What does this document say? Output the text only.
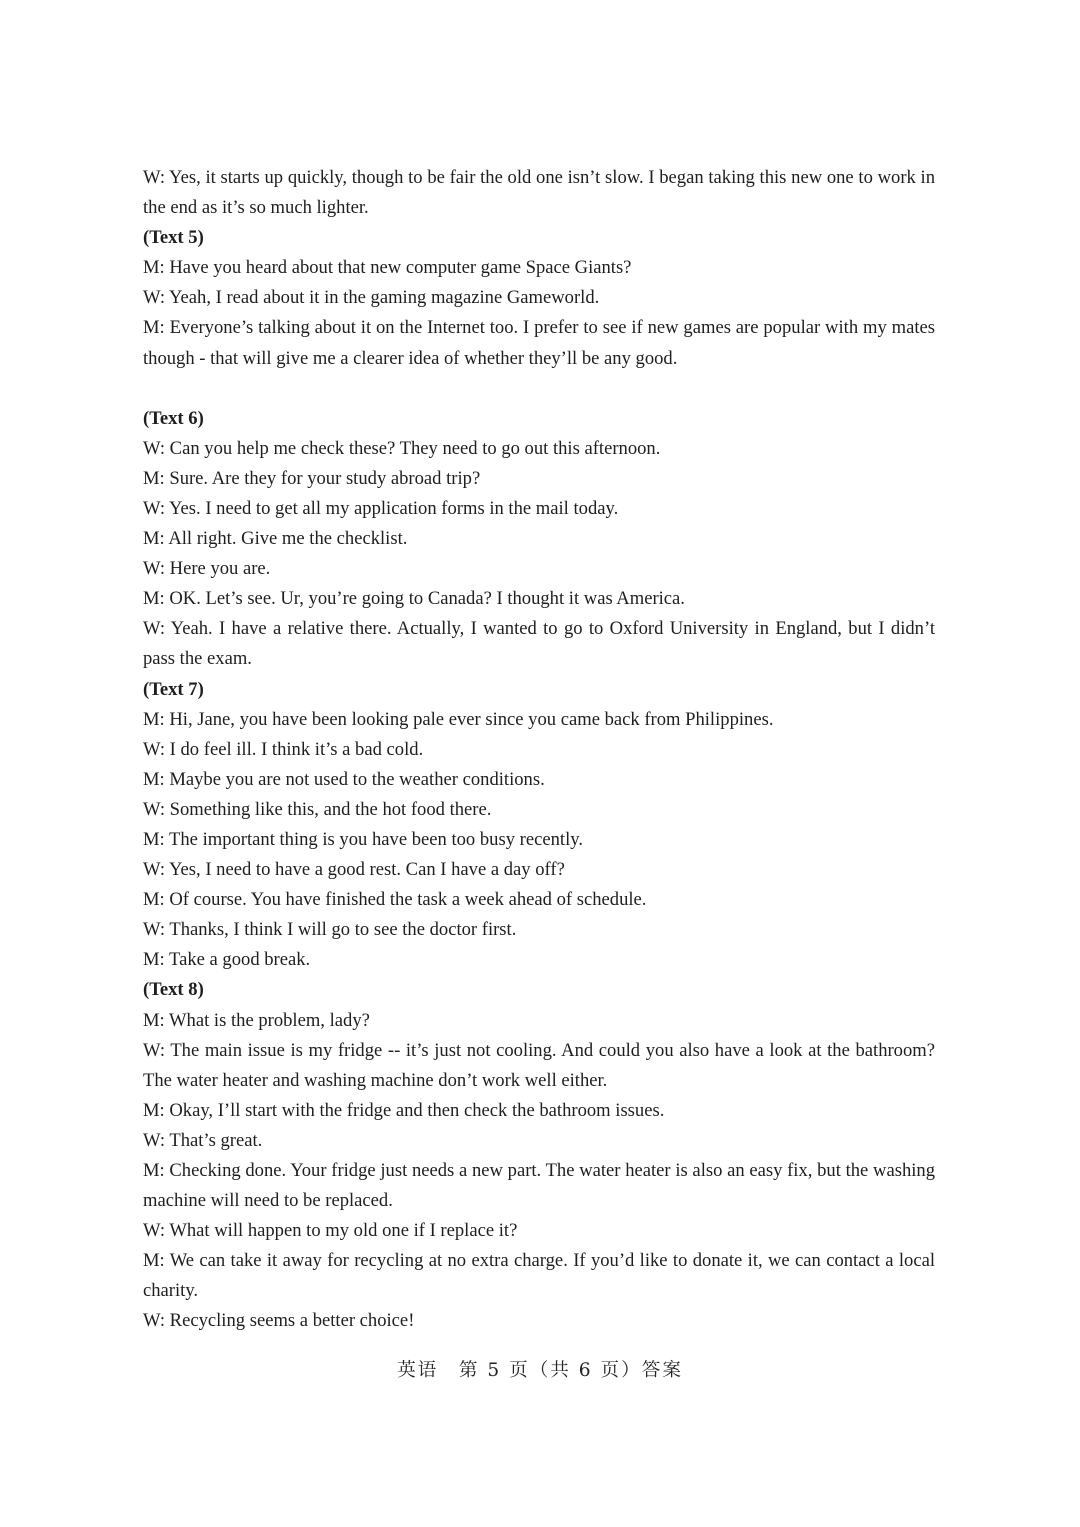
W: Yes, it starts up quickly, though to be fair the old one isn’t slow. I began taking this new one to work in the end as it’s so much lighter.
(Text 5)
M: Have you heard about that new computer game Space Giants?
W: Yeah, I read about it in the gaming magazine Gameworld.
M: Everyone’s talking about it on the Internet too. I prefer to see if new games are popular with my mates though - that will give me a clearer idea of whether they’ll be any good.
(Text 6)
W: Can you help me check these? They need to go out this afternoon.
M: Sure. Are they for your study abroad trip?
W: Yes. I need to get all my application forms in the mail today.
M: All right. Give me the checklist.
W: Here you are.
M: OK. Let’s see. Ur, you’re going to Canada? I thought it was America.
W: Yeah. I have a relative there. Actually, I wanted to go to Oxford University in England, but I didn’t pass the exam.
(Text 7)
M: Hi, Jane, you have been looking pale ever since you came back from Philippines.
W: I do feel ill. I think it’s a bad cold.
M: Maybe you are not used to the weather conditions.
W: Something like this, and the hot food there.
M: The important thing is you have been too busy recently.
W: Yes, I need to have a good rest. Can I have a day off?
M: Of course. You have finished the task a week ahead of schedule.
W: Thanks, I think I will go to see the doctor first.
M: Take a good break.
(Text 8)
M: What is the problem, lady?
W: The main issue is my fridge -- it’s just not cooling. And could you also have a look at the bathroom? The water heater and washing machine don’t work well either.
M: Okay, I’ll start with the fridge and then check the bathroom issues.
W: That’s great.
M: Checking done. Your fridge just needs a new part. The water heater is also an easy fix, but the washing machine will need to be replaced.
W: What will happen to my old one if I replace it?
M: We can take it away for recycling at no extra charge. If you’d like to donate it, we can contact a local charity.
W: Recycling seems a better choice!
英语　第 5 页（共 6 页）答案
